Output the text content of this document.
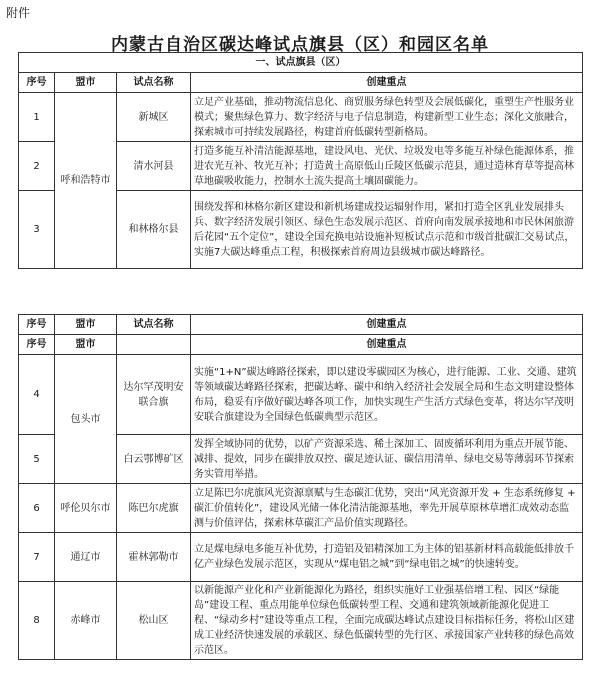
附件
内蒙古自治区碳达峰试点旗县（区）和园区名单
一、试点旗县（区）			
序号	盟市	试点名称	创建重点
1	呼和浩特市	新城区	立足产业基础，推动物流信息化、商贸服务绿色转型及会展低碳化，重塑生产性服务业模式；聚焦绿色算力、数字经济与电子信息制造，构建新型工业生态；深化文旅融合，探索城市可持续发展路径，构建首府低碳转型新格局。
2		清水河县	打造多能互补清洁能源基地，建设风电、光伏、垃圾发电等多能互补绿色能源体系，推进农光互补、牧光互补；打造黄土高原低山丘陵区低碳示范县，通过造林育草等提高林草地碳吸收能力，控制水土流失提高土壤固碳能力。
3		和林格尔县	围绕发挥和林格尔新区建设和新机场建成投运辐射作用，紧扣打造全区乳业发展排头兵、数字经济发展引领区、绿色生态发展示范区、首府向南发展承接地和市民休闲旅游后花园“五个定位”，建设全国充换电站设施补短板试点示范和市级首批碳汇交易试点，实施7大碳达峰重点工程，积极探索首府周边县级城市碳达峰路径。
序号	盟市	试点名称	创建重点
序号	盟市		创建重点
4	包头市	达尔罕茂明安联合旗	实施“1+N”碳达峰路径探索，即以建设零碳园区为核心，进行能源、工业、交通、建筑等领域碳达峰路径探索，把碳达峰、碳中和纳入经济社会发展全局和生态文明建设整体布局，稳妥有序做好碳达峰各项工作，加快实现生产生活方式绿色变革，将达尔罕茂明安联合旗建设为全国绿色低碳典型示范区。
5		白云鄂博矿区	发挥全域协同的优势，以矿产资源采选、稀土深加工、固废循环利用为重点开展节能、减排、提效，同步在碳排放双控、碳足迹认证、碳信用清单、绿电交易等薄弱环节探索务实管用举措。
6	呼伦贝尔市	陈巴尔虎旗	立足陈巴尔虎旗风光资源禀赋与生态碳汇优势，突出“风光资源开发 + 生态系统修复 + 碳汇价值转化”，建设风光储一体化清洁能源基地，率先开展草原林草增汇成效动态监测与价值评估，探索林草碳汇产品价值实现路径。
7	通辽市	霍林郭勒市	立足煤电绿电多能互补优势，打造铝及铝精深加工为主体的铝基新材料高载能低排放千亿产业绿色发展示范区，实现从“煤电铝之城”到“绿电铝之城”的快速转变。
8	赤峰市	松山区	以新能源产业化和产业新能源化为路径，组织实施好工业强基倍增工程、园区“绿能岛”建设工程、重点用能单位绿色低碳转型工程、交通和建筑领域新能源化促进工程、“绿动乡村”建设等重点工程，全面完成碳达峰试点建设目标指标任务，将松山区建成工业经济快速发展的承载区、绿色低碳转型的先行区、承接国家产业转移的绿色高效示范区。
